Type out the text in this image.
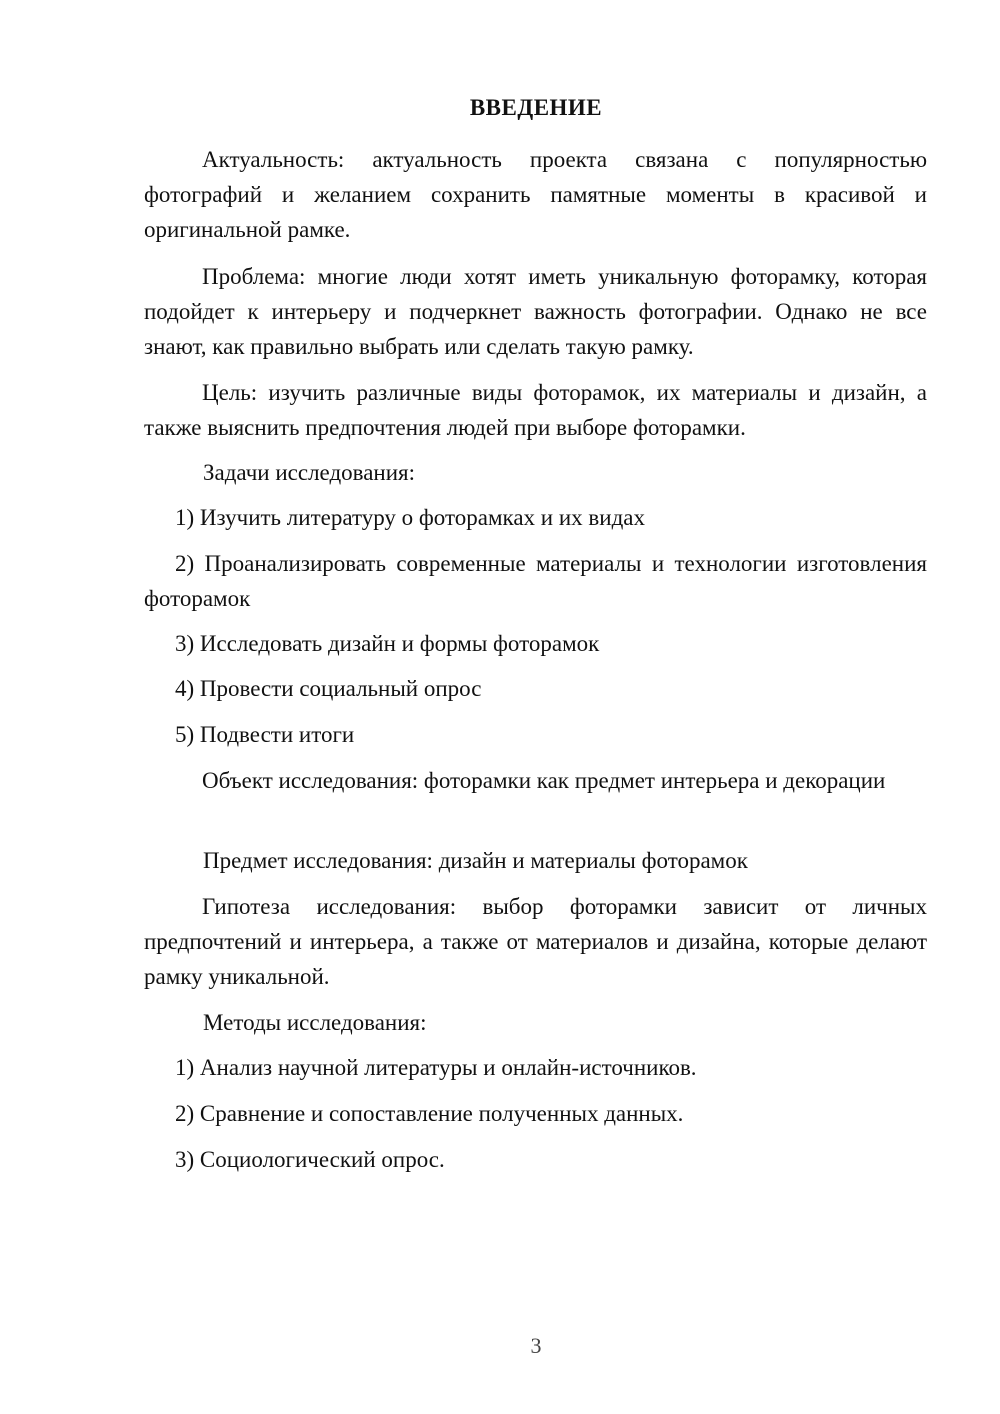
ВВЕДЕНИЕ

Актуальность: актуальность проекта связана с популярностью фотографий и желанием сохранить памятные моменты в красивой и оригинальной рамке.

Проблема: многие люди хотят иметь уникальную фоторамку, которая подойдет к интерьеру и подчеркнет важность фотографии. Однако не все знают, как правильно выбрать или сделать такую рамку.

Цель: изучить различные виды фоторамок, их материалы и дизайн, а также выяснить предпочтения людей при выборе фоторамки.

Задачи исследования:

1) Изучить литературу о фоторамках и их видах

2) Проанализировать современные материалы и технологии изготовления фоторамок

3) Исследовать дизайн и формы фоторамок

4) Провести социальный опрос

5) Подвести итоги

Объект исследования: фоторамки как предмет интерьера и декорации

Предмет исследования: дизайн и материалы фоторамок

Гипотеза исследования: выбор фоторамки зависит от личных предпочтений и интерьера, а также от материалов и дизайна, которые делают рамку уникальной.

Методы исследования:

1) Анализ научной литературы и онлайн-источников.

2) Сравнение и сопоставление полученных данных.

3) Социологический опрос.

3
